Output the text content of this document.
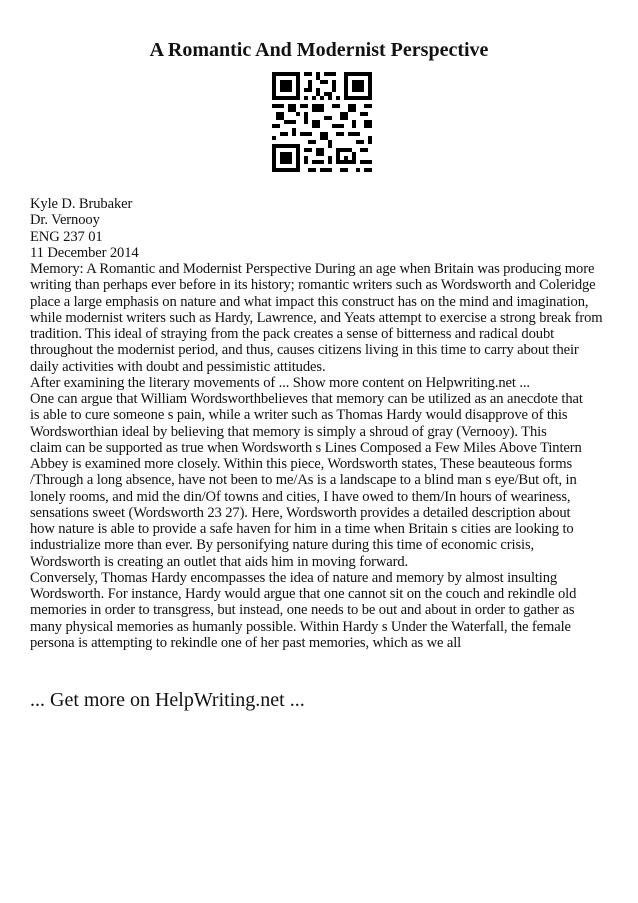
A Romantic And Modernist Perspective
Kyle D. Brubaker
Dr. Vernooy
ENG 237 01
11 December 2014
Memory: A Romantic and Modernist Perspective During an age when Britain was producing more
writing than perhaps ever before in its history; romantic writers such as Wordsworth and Coleridge
place a large emphasis on nature and what impact this construct has on the mind and imagination,
while modernist writers such as Hardy, Lawrence, and Yeats attempt to exercise a strong break from
tradition. This ideal of straying from the pack creates a sense of bitterness and radical doubt
throughout the modernist period, and thus, causes citizens living in this time to carry about their
daily activities with doubt and pessimistic attitudes.
After examining the literary movements of ... Show more content on Helpwriting.net ...
One can argue that William Wordsworthbelieves that memory can be utilized as an anecdote that
is able to cure someone s pain, while a writer such as Thomas Hardy would disapprove of this
Wordsworthian ideal by believing that memory is simply a shroud of gray (Vernooy). This
claim can be supported as true when Wordsworth s Lines Composed a Few Miles Above Tintern
Abbey is examined more closely. Within this piece, Wordsworth states, These beauteous forms
/Through a long absence, have not been to me/As is a landscape to a blind man s eye/But oft, in
lonely rooms, and mid the din/Of towns and cities, I have owed to them/In hours of weariness,
sensations sweet (Wordsworth 23 27). Here, Wordsworth provides a detailed description about
how nature is able to provide a safe haven for him in a time when Britain s cities are looking to
industrialize more than ever. By personifying nature during this time of economic crisis,
Wordsworth is creating an outlet that aids him in moving forward.
Conversely, Thomas Hardy encompasses the idea of nature and memory by almost insulting
Wordsworth. For instance, Hardy would argue that one cannot sit on the couch and rekindle old
memories in order to transgress, but instead, one needs to be out and about in order to gather as
many physical memories as humanly possible. Within Hardy s Under the Waterfall, the female
persona is attempting to rekindle one of her past memories, which as we all
... Get more on HelpWriting.net ...
